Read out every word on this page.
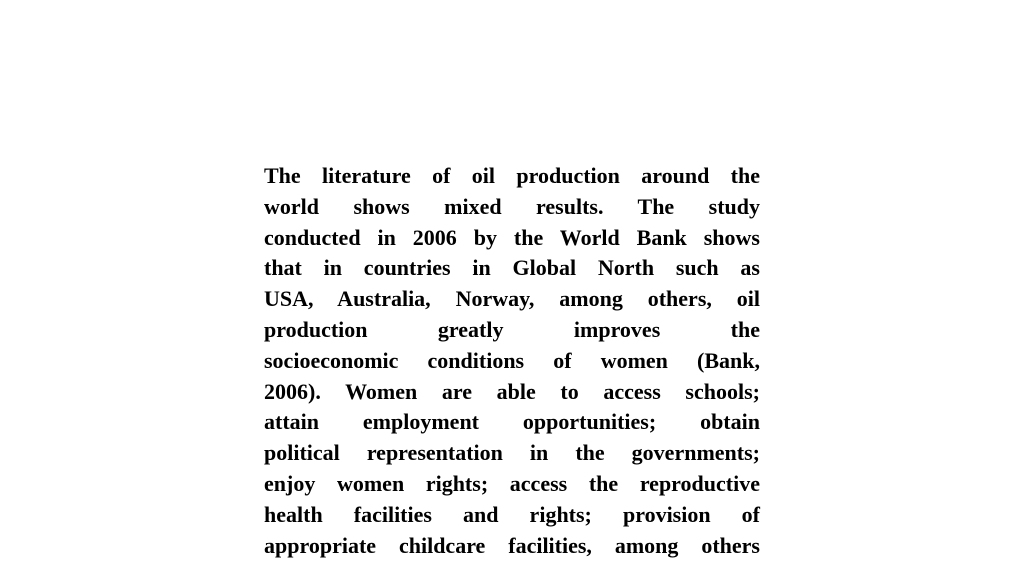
The literature of oil production around the
world shows mixed results. The study
conducted in 2006 by the World Bank shows
that in countries in Global North such as
USA, Australia, Norway, among others, oil
production greatly improves the
socioeconomic conditions of women (Bank,
2006). Women are able to access schools;
attain employment opportunities; obtain
political representation in the governments;
enjoy women rights; access the reproductive
health facilities and rights; provision of
appropriate childcare facilities, among others
